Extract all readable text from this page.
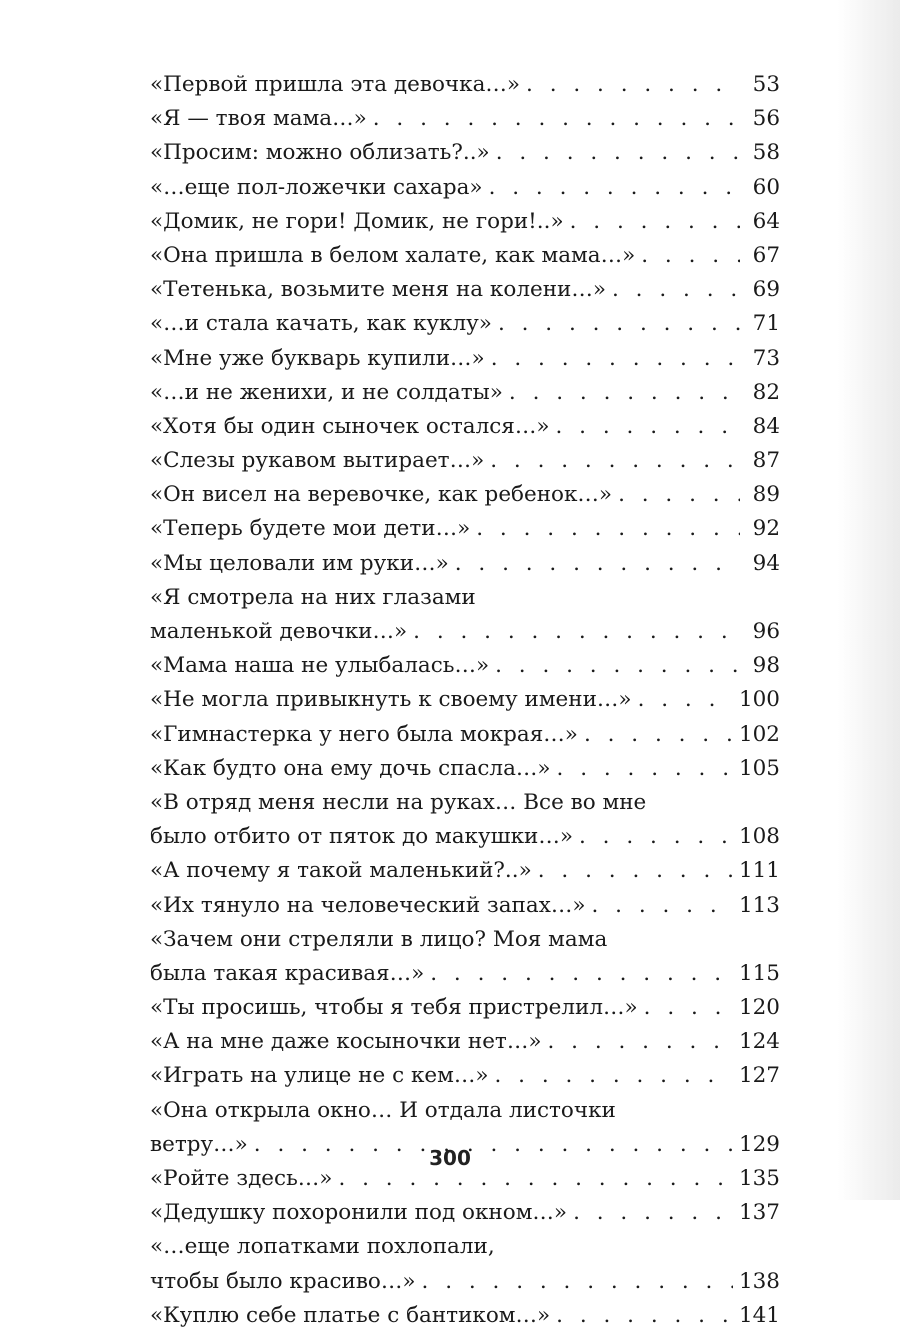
«Первой пришла эта девочка…» . . .	53
«Я — твоя мама…» . . .	56
«Просим: можно облизать?..» . . .	58
«…еще пол-ложечки сахара» . . .	60
«Домик, не гори! Домик, не гори!..» . . .	64
«Она пришла в белом халате, как мама…» . . .	67
«Тетенька, возьмите меня на колени…» . . .	69
«…и стала качать, как куклу» . . .	71
«Мне уже букварь купили…» . . .	73
«…и не женихи, и не солдаты» . . .	82
«Хотя бы один сыночек остался…» . . .	84
«Слезы рукавом вытирает…» . . .	87
«Он висел на веревочке, как ребенок…» . . .	89
«Теперь будете мои дети…» . . .	92
«Мы целовали им руки…» . . .	94
«Я смотрела на них глазами
маленькой девочки…» . . .	96
«Мама наша не улыбалась…» . . .	98
«Не могла привыкнуть к своему имени…» . . .	100
«Гимнастерка у него была мокрая…» . . .	102
«Как будто она ему дочь спасла…» . . .	105
«В отряд меня несли на руках… Все во мне
было отбито от пяток до макушки…» . . .	108
«А почему я такой маленький?..» . . .	111
«Их тянуло на человеческий запах…» . . .	113
«Зачем они стреляли в лицо? Моя мама
была такая красивая…» . . .	115
«Ты просишь, чтобы я тебя пристрелил…» . . .	120
«А на мне даже косыночки нет…» . . .	124
«Играть на улице не с кем…» . . .	127
«Она открыла окно… И отдала листочки
ветру…» . . .	129
«Ройте здесь…» . . .	135
«Дедушку похоронили под окном…» . . .	137
«…еще лопатками похлопали,
чтобы было красиво…» . . .	138
«Куплю себе платье с бантиком…» . . .	141
300
